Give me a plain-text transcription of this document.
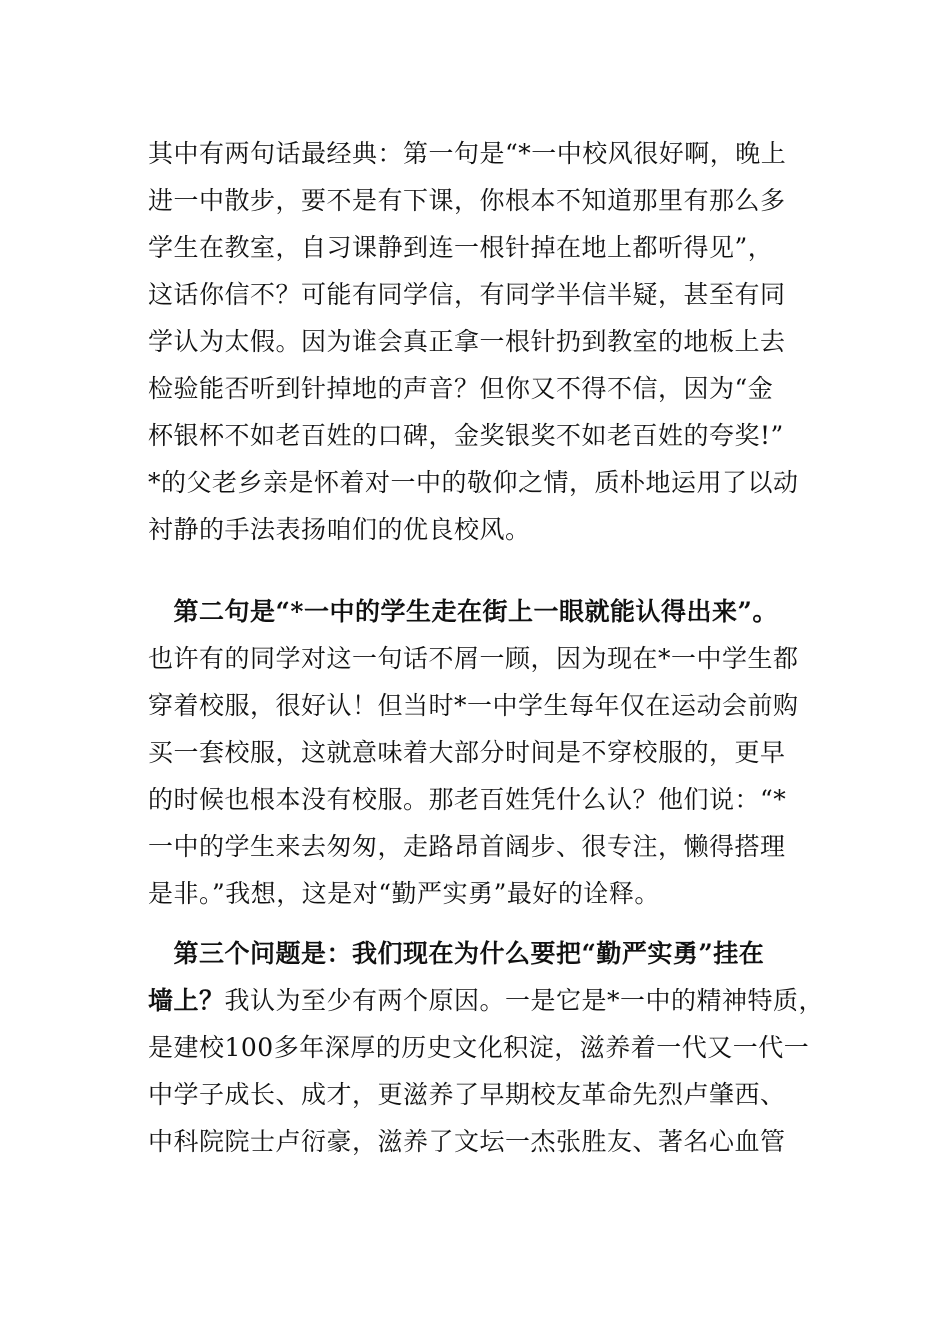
其中有两句话最经典：第一句是“*一中校风很好啊，晚上
进一中散步，要不是有下课，你根本不知道那里有那么多
学生在教室，自习课静到连一根针掉在地上都听得见”，
这话你信不？可能有同学信，有同学半信半疑，甚至有同
学认为太假。因为谁会真正拿一根针扔到教室的地板上去
检验能否听到针掉地的声音？但你又不得不信，因为“金
杯银杯不如老百姓的口碑，金奖银奖不如老百姓的夸奖!”
*的父老乡亲是怀着对一中的敬仰之情，质朴地运用了以动
衬静的手法表扬咱们的优良校风。
　第二句是“*一中的学生走在街上一眼就能认得出来”。
也许有的同学对这一句话不屑一顾，因为现在*一中学生都
穿着校服，很好认！但当时*一中学生每年仅在运动会前购
买一套校服，这就意味着大部分时间是不穿校服的，更早
的时候也根本没有校服。那老百姓凭什么认？他们说：“*
一中的学生来去匆匆，走路昂首阔步、很专注，懒得搭理
是非。”我想，这是对“勤严实勇”最好的诠释。
　第三个问题是：我们现在为什么要把“勤严实勇”挂在
墙上？我认为至少有两个原因。一是它是*一中的精神特质，
是建校100多年深厚的历史文化积淀，滋养着一代又一代一
中学子成长、成才，更滋养了早期校友革命先烈卢肇西、
中科院院士卢衍豪，滋养了文坛一杰张胜友、著名心血管
